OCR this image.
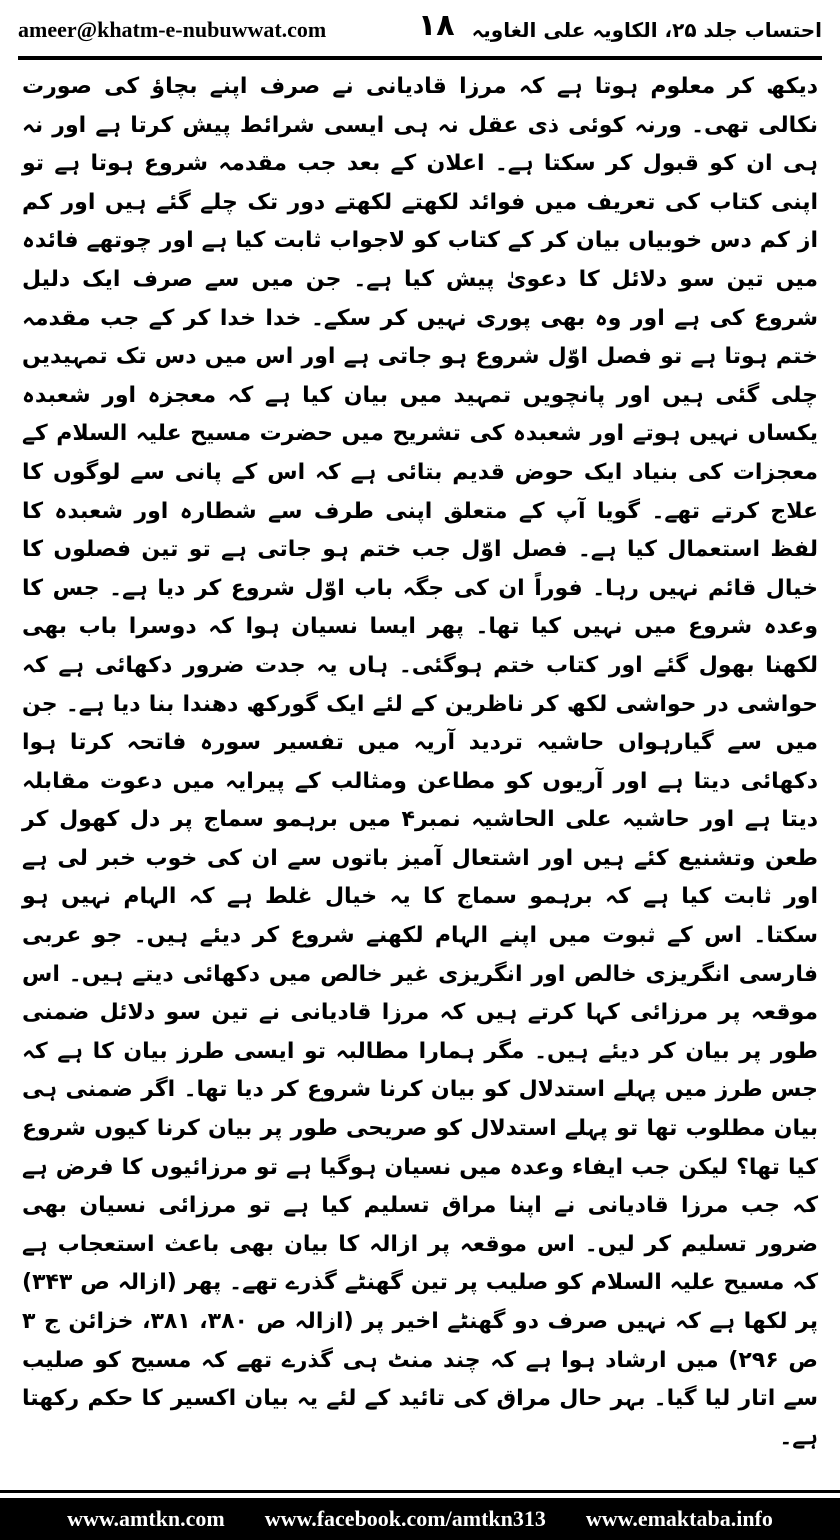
ameer@khatm-e-nubuwwat.com	۱۸ احتساب جلد ۲۵، الکاویہ علی الغاویہ

دیکھ کر معلوم ہوتا ہے کہ مرزا قادیانی نے صرف اپنے بچاؤ کی صورت نکالی تھی۔ ورنہ کوئی ذی عقل نہ ہی ایسی شرائط پیش کرتا ہے اور نہ ہی ان کو قبول کر سکتا ہے۔ اعلان کے بعد جب مقدمہ شروع ہوتا ہے تو اپنی کتاب کی تعریف میں فوائد لکھتے لکھتے دور تک چلے گئے ہیں اور کم از کم دس خوبیاں بیان کر کے کتاب کو لاجواب ثابت کیا ہے اور چوتھے فائدہ میں تین سو دلائل کا دعویٰ پیش کیا ہے۔ جن میں سے صرف ایک دلیل شروع کی ہے اور وہ بھی پوری نہیں کر سکے۔ خدا خدا کر کے جب مقدمہ ختم ہوتا ہے تو فصل اوّل شروع ہو جاتی ہے اور اس میں دس تک تمہیدیں چلی گئی ہیں اور پانچویں تمہید میں بیان کیا ہے کہ معجزہ اور شعبدہ یکساں نہیں ہوتے اور شعبدہ کی تشریح میں حضرت مسیح علیہ السلام کے معجزات کی بنیاد ایک حوض قدیم بتائی ہے کہ اس کے پانی سے لوگوں کا علاج کرتے تھے۔ گویا آپ کے متعلق اپنی طرف سے شطارہ اور شعبدہ کا لفظ استعمال کیا ہے۔ فصل اوّل جب ختم ہو جاتی ہے تو تین فصلوں کا خیال قائم نہیں رہا۔ فوراً ان کی جگہ باب اوّل شروع کر دیا ہے۔ جس کا وعدہ شروع میں نہیں کیا تھا۔ پھر ایسا نسیان ہوا کہ دوسرا باب بھی لکھنا بھول گئے اور کتاب ختم ہوگئی۔ ہاں یہ جدت ضرور دکھائی ہے کہ حواشی در حواشی لکھ کر ناظرین کے لئے ایک گورکھ دھندا بنا دیا ہے۔ جن میں سے گیارہواں حاشیہ تردید آریہ میں تفسیر سورہ فاتحہ کرتا ہوا دکھائی دیتا ہے اور آریوں کو مطاعن ومثالب کے پیرایہ میں دعوت مقابلہ دیتا ہے اور حاشیہ علی الحاشیہ نمبر۴ میں برہمو سماج پر دل کھول کر طعن وتشنیع کئے ہیں اور اشتعال آمیز باتوں سے ان کی خوب خبر لی ہے اور ثابت کیا ہے کہ برہمو سماج کا یہ خیال غلط ہے کہ الہام نہیں ہو سکتا۔ اس کے ثبوت میں اپنے الہام لکھنے شروع کر دیئے ہیں۔ جو عربی فارسی انگریزی خالص اور انگریزی غیر خالص میں دکھائی دیتے ہیں۔ اس موقعہ پر مرزائی کہا کرتے ہیں کہ مرزا قادیانی نے تین سو دلائل ضمنی طور پر بیان کر دیئے ہیں۔ مگر ہمارا مطالبہ تو ایسی طرز بیان کا ہے کہ جس طرز میں پہلے استدلال کو بیان کرنا شروع کر دیا تھا۔ اگر ضمنی ہی بیان مطلوب تھا تو پہلے استدلال کو صریحی طور پر بیان کرنا کیوں شروع کیا تھا؟ لیکن جب ایفاء وعدہ میں نسیان ہوگیا ہے تو مرزائیوں کا فرض ہے کہ جب مرزا قادیانی نے اپنا مراق تسلیم کیا ہے تو مرزائی نسیان بھی ضرور تسلیم کر لیں۔ اس موقعہ پر ازالہ کا بیان بھی باعث استعجاب ہے کہ مسیح علیہ السلام کو صلیب پر تین گھنٹے گذرے تھے۔ پھر (ازالہ ص ۳۴۳) پر لکھا ہے کہ نہیں صرف دو گھنٹے اخیر پر (ازالہ ص ۳۸۰، ۳۸۱، خزائن ج ۳ ص ۲۹۶) میں ارشاد ہوا ہے کہ چند منٹ ہی گذرے تھے کہ مسیح کو صلیب سے اتار لیا گیا۔ بہر حال مراق کی تائید کے لئے یہ بیان اکسیر کا حکم رکھتا ہے۔

www.amtkn.com www.facebook.com/amtkn313 www.emaktaba.info
